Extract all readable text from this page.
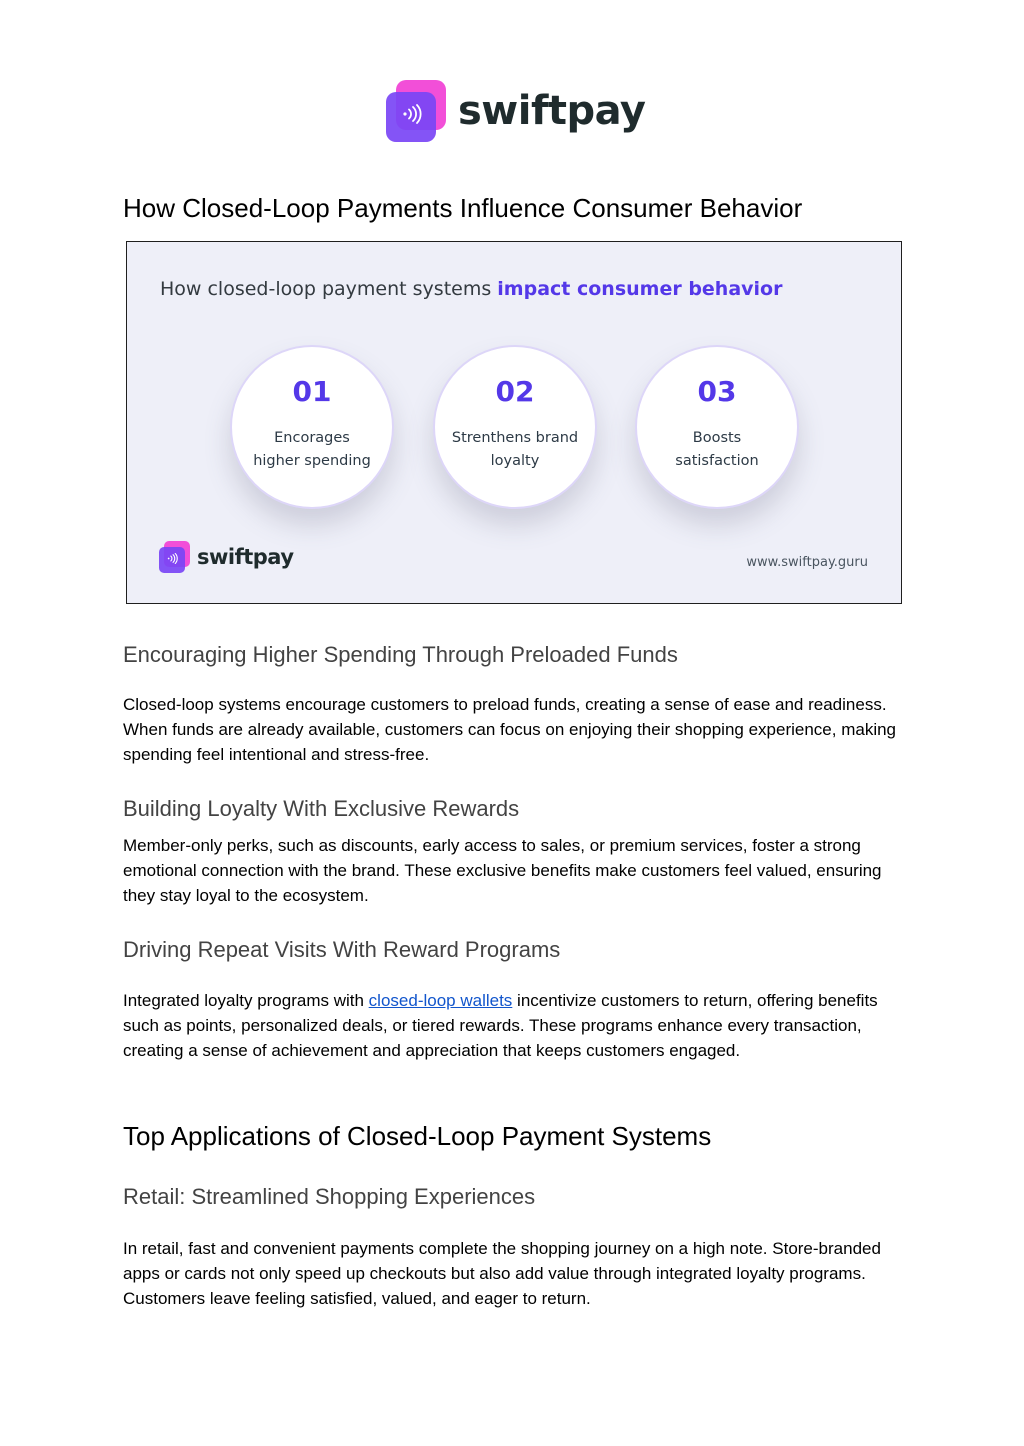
swiftpay
How Closed-Loop Payments Influence Consumer Behavior
How closed-loop payment systems impact consumer behavior
01
Encorages
higher spending
02
Strenthens brand
loyalty
03
Boosts
satisfaction
swiftpay	www.swiftpay.guru
Encouraging Higher Spending Through Preloaded Funds

Closed-loop systems encourage customers to preload funds, creating a sense of ease and readiness. When funds are already available, customers can focus on enjoying their shopping experience, making spending feel intentional and stress-free.

Building Loyalty With Exclusive Rewards

Member-only perks, such as discounts, early access to sales, or premium services, foster a strong emotional connection with the brand. These exclusive benefits make customers feel valued, ensuring they stay loyal to the ecosystem.

Driving Repeat Visits With Reward Programs

Integrated loyalty programs with closed-loop wallets incentivize customers to return, offering benefits such as points, personalized deals, or tiered rewards. These programs enhance every transaction, creating a sense of achievement and appreciation that keeps customers engaged.

Top Applications of Closed-Loop Payment Systems
Retail: Streamlined Shopping Experiences

In retail, fast and convenient payments complete the shopping journey on a high note. Store-branded apps or cards not only speed up checkouts but also add value through integrated loyalty programs. Customers leave feeling satisfied, valued, and eager to return.
